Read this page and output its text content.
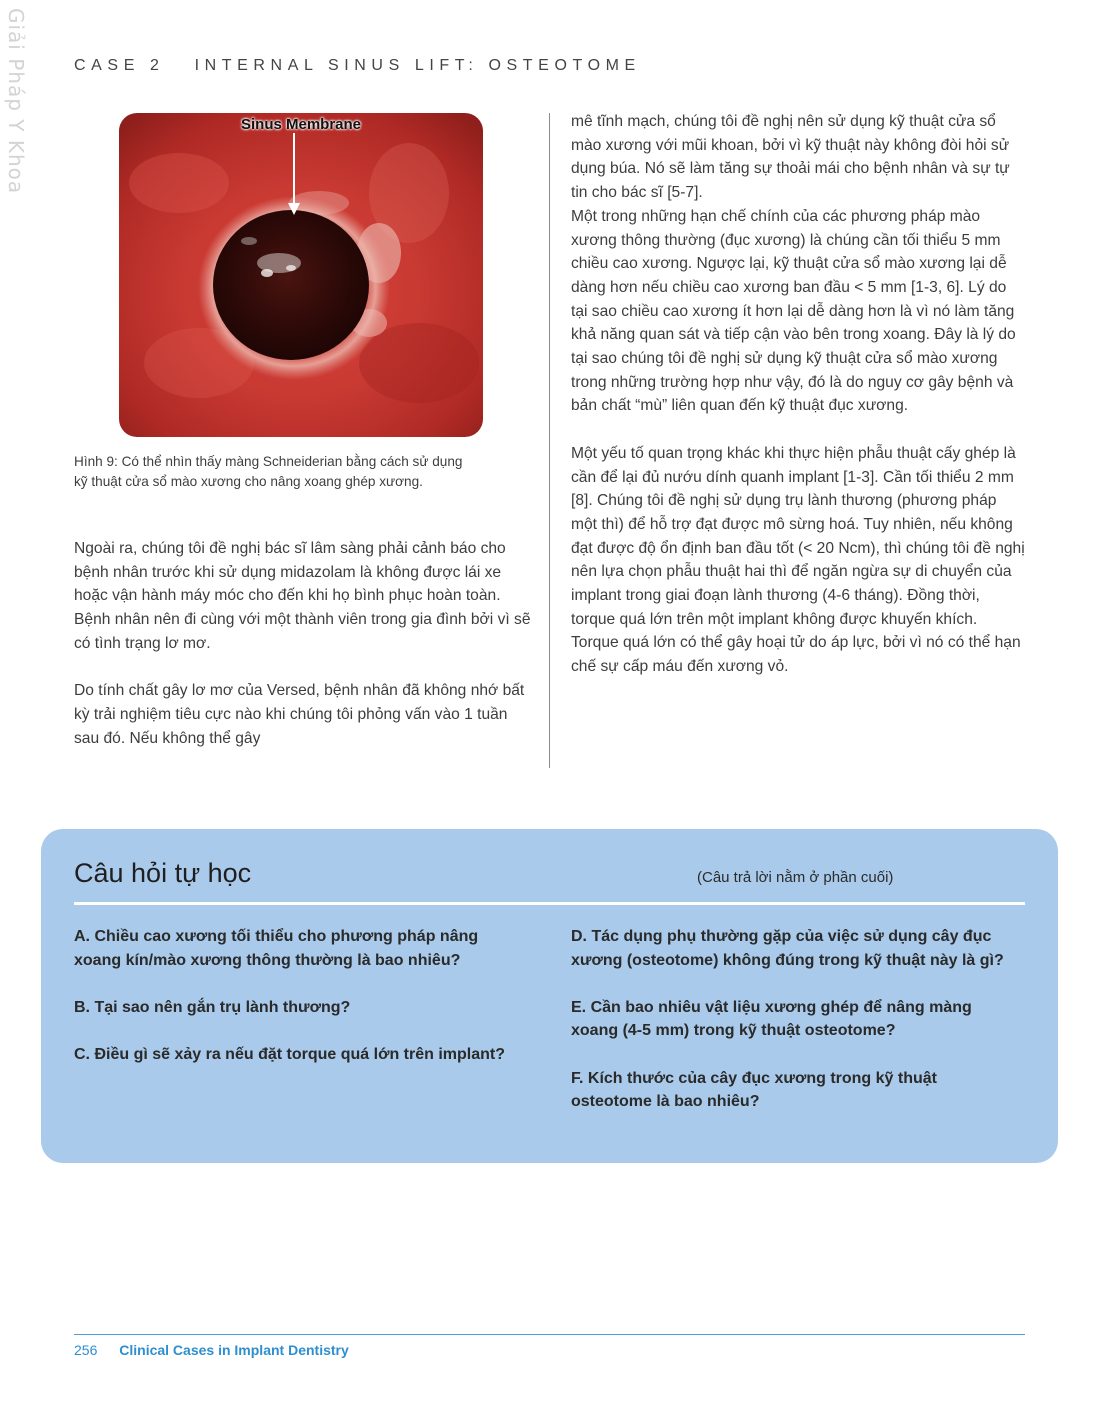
Giải Pháp Y Khoa	CASE 2 INTERNAL SINUS LIFT: OSTEOTOME
Sinus Membrane
Hình 9: Có thể nhìn thấy màng Schneiderian bằng cách sử dụng kỹ thuật cửa sổ mào xương cho nâng xoang ghép xương.

Ngoài ra, chúng tôi đề nghị bác sĩ lâm sàng phải cảnh báo cho bệnh nhân trước khi sử dụng midazolam là không được lái xe hoặc vận hành máy móc cho đến khi họ bình phục hoàn toàn. Bệnh nhân nên đi cùng với một thành viên trong gia đình bởi vì sẽ có tình trạng lơ mơ.

Do tính chất gây lơ mơ của Versed, bệnh nhân đã không nhớ bất kỳ trải nghiệm tiêu cực nào khi chúng tôi phỏng vấn vào 1 tuần sau đó. Nếu không thể gây

mê tĩnh mạch, chúng tôi đề nghị nên sử dụng kỹ thuật cửa sổ mào xương với mũi khoan, bởi vì kỹ thuật này không đòi hỏi sử dụng búa. Nó sẽ làm tăng sự thoải mái cho bệnh nhân và sự tự tin cho bác sĩ [5-7].

Một trong những hạn chế chính của các phương pháp mào xương thông thường (đục xương) là chúng cần tối thiểu 5 mm chiều cao xương. Ngược lại, kỹ thuật cửa sổ mào xương lại dễ dàng hơn nếu chiều cao xương ban đầu < 5 mm [1-3, 6]. Lý do tại sao chiều cao xương ít hơn lại dễ dàng hơn là vì nó làm tăng khả năng quan sát và tiếp cận vào bên trong xoang. Đây là lý do tại sao chúng tôi đề nghị sử dụng kỹ thuật cửa sổ mào xương trong những trường hợp như vậy, đó là do nguy cơ gây bệnh và bản chất “mù” liên quan đến kỹ thuật đục xương.

Một yếu tố quan trọng khác khi thực hiện phẫu thuật cấy ghép là cần để lại đủ nướu dính quanh implant [1-3]. Cần tối thiểu 2 mm [8]. Chúng tôi đề nghị sử dụng trụ lành thương (phương pháp một thì) để hỗ trợ đạt được mô sừng hoá. Tuy nhiên, nếu không đạt được độ ổn định ban đầu tốt (< 20 Ncm), thì chúng tôi đề nghị nên lựa chọn phẫu thuật hai thì để ngăn ngừa sự di chuyển của implant trong giai đoạn lành thương (4-6 tháng). Đồng thời, torque quá lớn trên một implant không được khuyến khích. Torque quá lớn có thể gây hoại tử do áp lực, bởi vì nó có thể hạn chế sự cấp máu đến xương vỏ.

Câu hỏi tự học	(Câu trả lời nằm ở phần cuối)

A. Chiều cao xương tối thiểu cho phương pháp nâng xoang kín/mào xương thông thường là bao nhiêu?

B. Tại sao nên gắn trụ lành thương?

C. Điều gì sẽ xảy ra nếu đặt torque quá lớn trên implant?

D. Tác dụng phụ thường gặp của việc sử dụng cây đục xương (osteotome) không đúng trong kỹ thuật này là gì?

E. Cần bao nhiêu vật liệu xương ghép để nâng màng xoang (4-5 mm) trong kỹ thuật osteotome?

F. Kích thước của cây đục xương trong kỹ thuật osteotome là bao nhiêu?

256 Clinical Cases in Implant Dentistry
